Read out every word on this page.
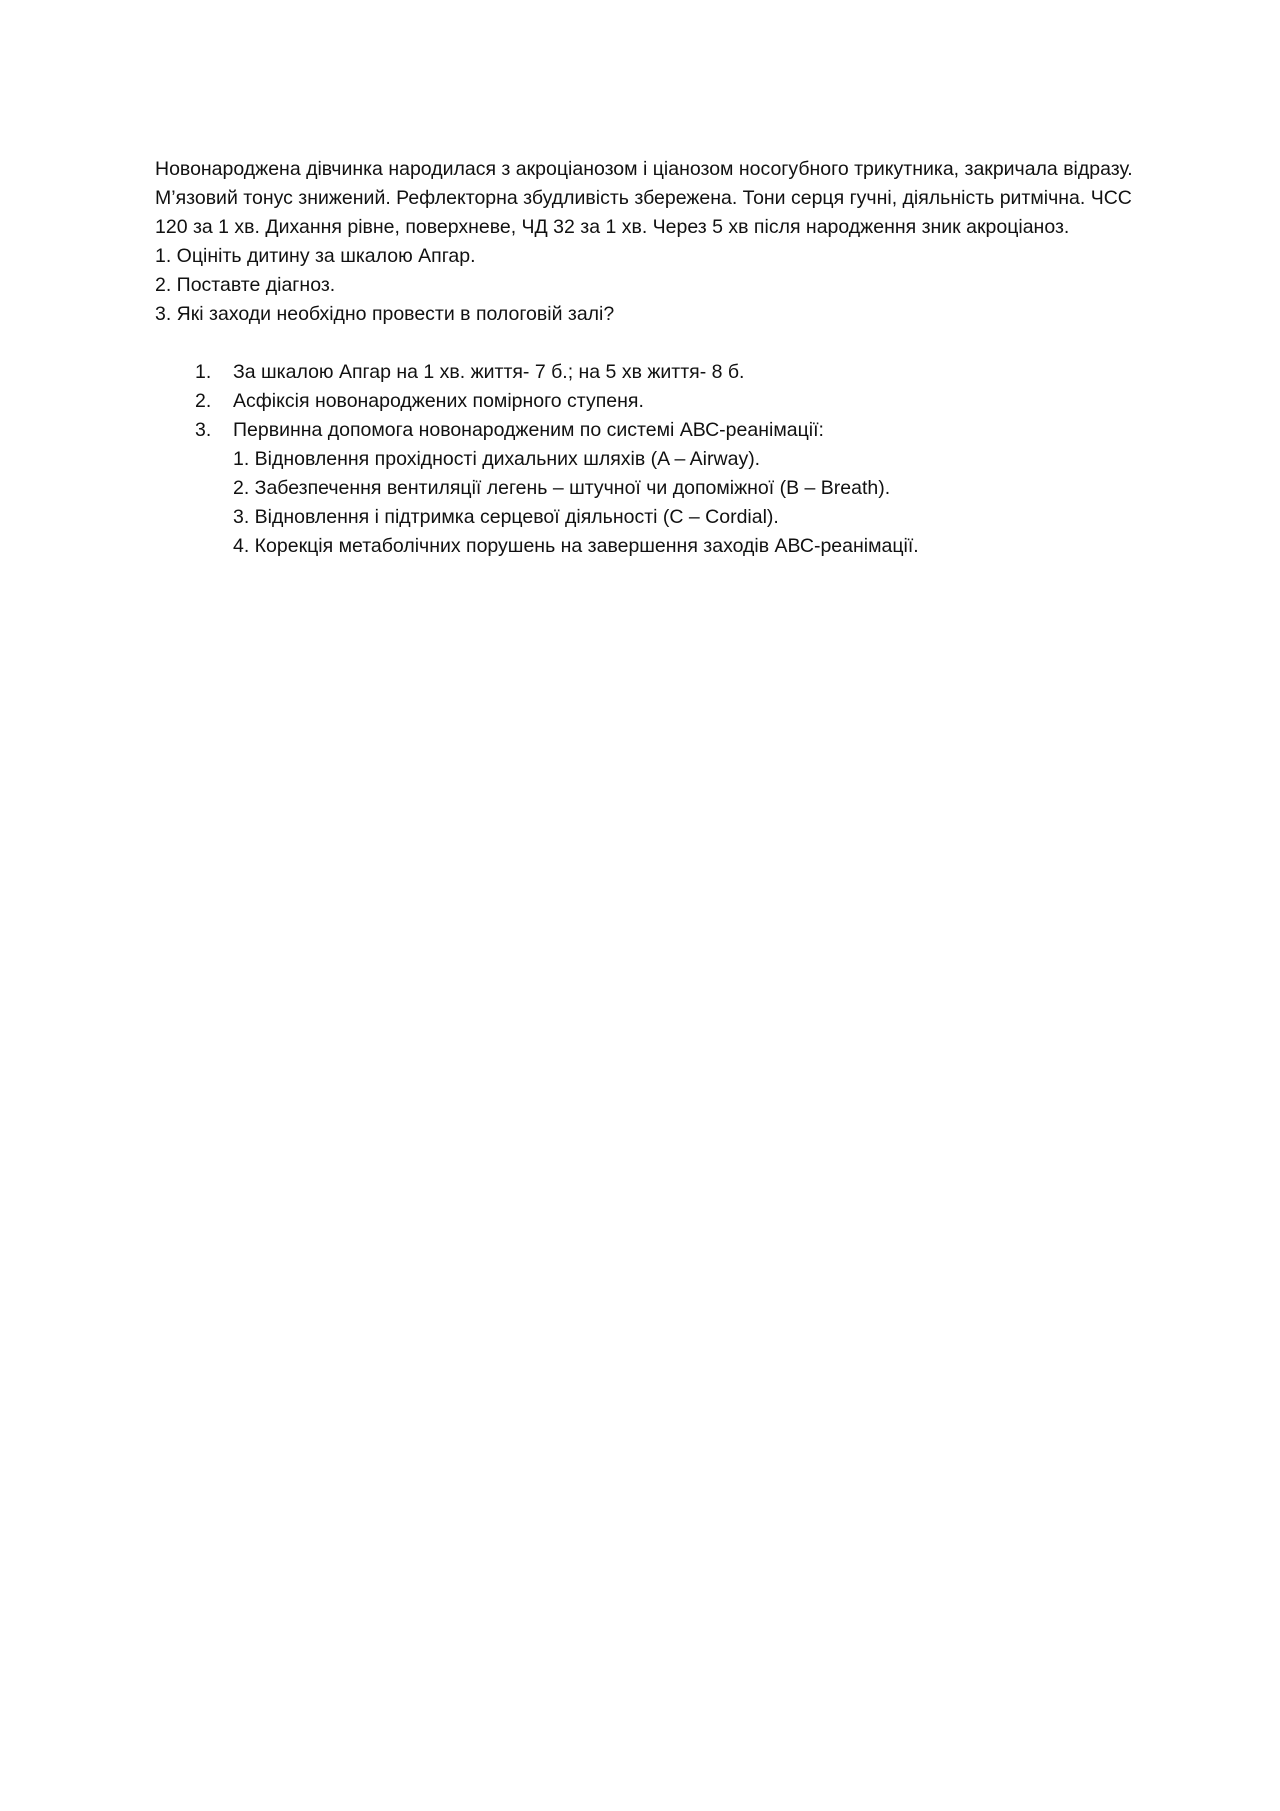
Новонароджена дівчинка народилася з акроціанозом і ціанозом носогубного трикутника, закричала відразу. М’язовий тонус знижений. Рефлекторна збудливість збережена. Тони серця гучні, діяльність ритмічна. ЧСС 120 за 1 хв. Дихання рівне, поверхневе, ЧД 32 за 1 хв. Через 5 хв після народження зник акроціаноз.

1. Оцініть дитину за шкалою Апгар.

2. Поставте діагноз.

3. Які заходи необхідно провести в пологовій залі?

1. За шкалою Апгар на 1 хв. життя- 7 б.; на 5 хв життя- 8 б.
2. Асфіксія новонароджених помірного ступеня.
3. Первинна допомога новонародженим по системі АВС-реанімації:

1. Відновлення прохідності дихальних шляхів (A – Airway).

2. Забезпечення вентиляції легень – штучної чи допоміжної (B – Breath).

3. Відновлення і підтримка серцевої діяльності (C – Cordial).

4. Корекція метаболічних порушень на завершення заходів АВС-реанімації.
